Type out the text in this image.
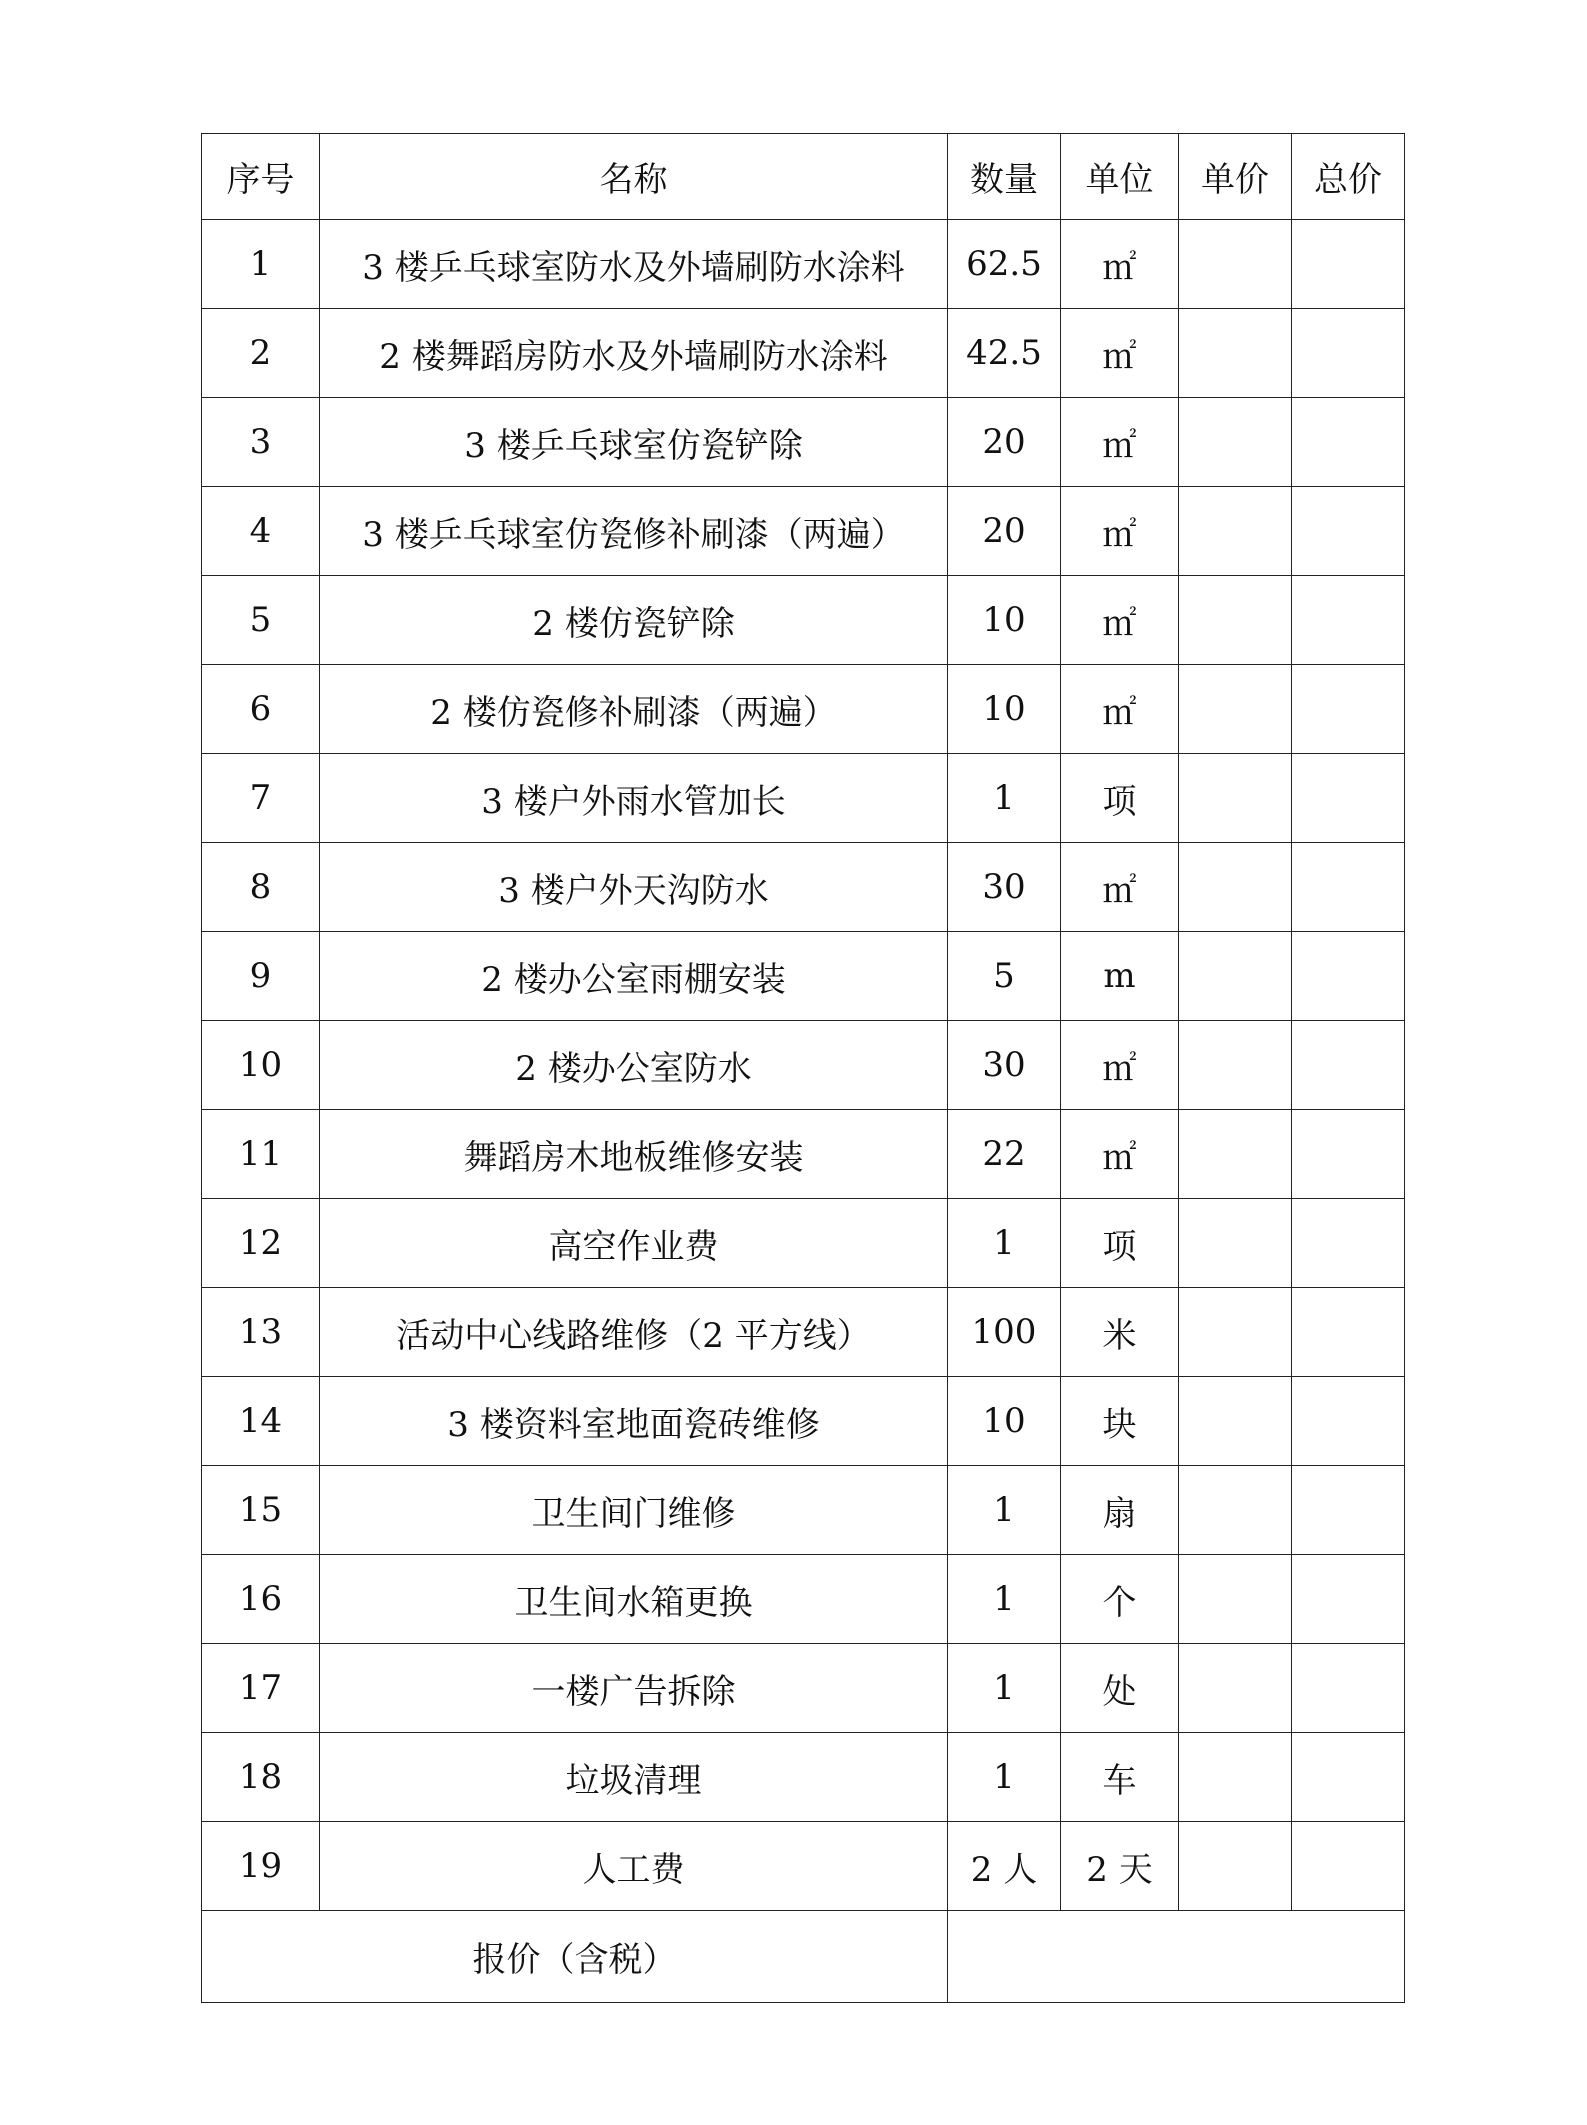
序号	名称	数量	单位	单价	总价
1	3 楼乒乓球室防水及外墙刷防水涂料	62.5	㎡		
2	2 楼舞蹈房防水及外墙刷防水涂料	42.5	㎡		
3	3 楼乒乓球室仿瓷铲除	20	㎡		
4	3 楼乒乓球室仿瓷修补刷漆（两遍）	20	㎡		
5	2 楼仿瓷铲除	10	㎡		
6	2 楼仿瓷修补刷漆（两遍）	10	㎡		
7	3 楼户外雨水管加长	1	项		
8	3 楼户外天沟防水	30	㎡		
9	2 楼办公室雨棚安装	5	m		
10	2 楼办公室防水	30	㎡		
11	舞蹈房木地板维修安装	22	㎡		
12	高空作业费	1	项		
13	活动中心线路维修（2 平方线）	100	米		
14	3 楼资料室地面瓷砖维修	10	块		
15	卫生间门维修	1	扇		
16	卫生间水箱更换	1	个		
17	一楼广告拆除	1	处		
18	垃圾清理	1	车		
19	人工费	2 人	2 天		
报价（含税）					
